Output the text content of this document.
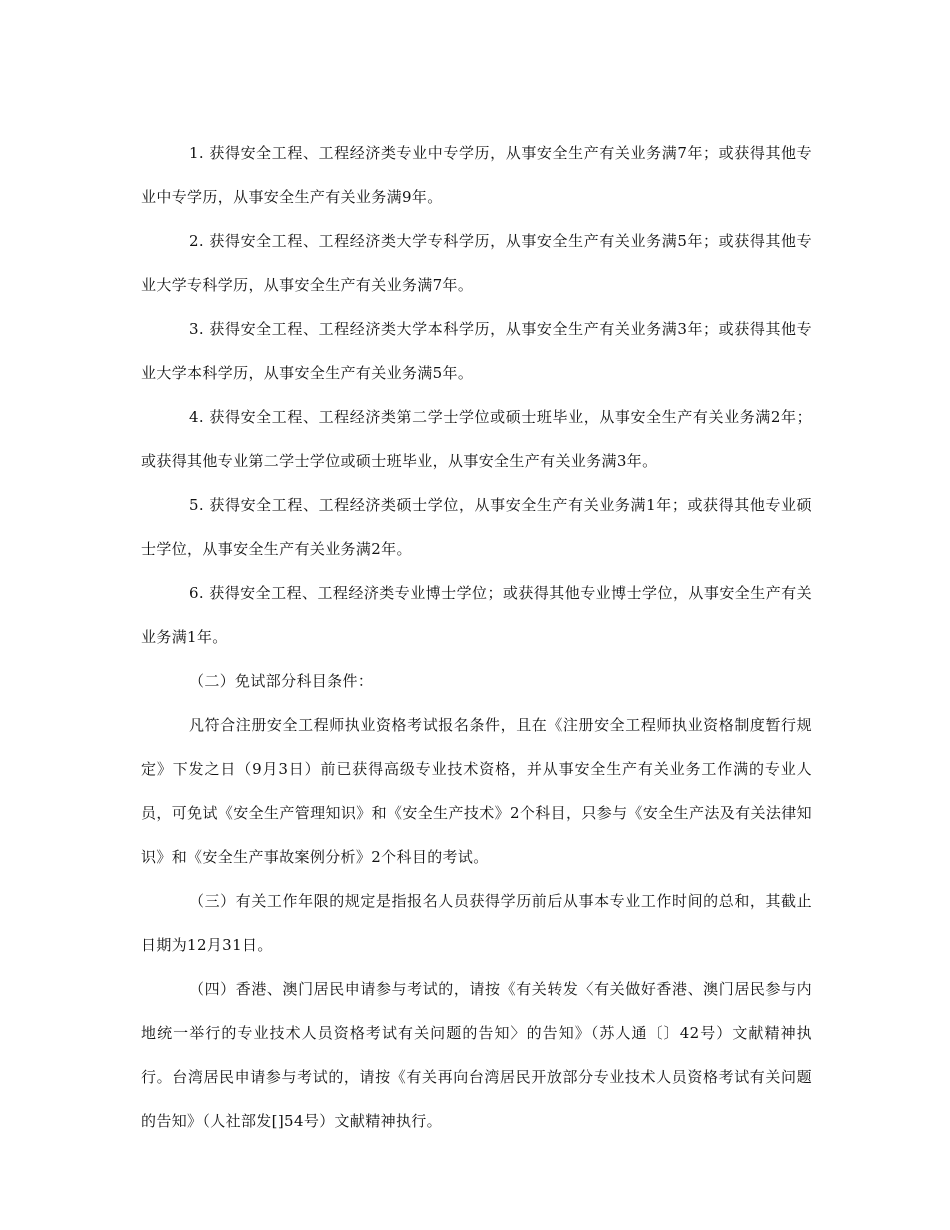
1. 获得安全工程、工程经济类专业中专学历，从事安全生产有关业务满7年；或获得其他专业中专学历，从事安全生产有关业务满9年。

2. 获得安全工程、工程经济类大学专科学历，从事安全生产有关业务满5年；或获得其他专业大学专科学历，从事安全生产有关业务满7年。

3. 获得安全工程、工程经济类大学本科学历，从事安全生产有关业务满3年；或获得其他专业大学本科学历，从事安全生产有关业务满5年。

4. 获得安全工程、工程经济类第二学士学位或硕士班毕业，从事安全生产有关业务满2年；或获得其他专业第二学士学位或硕士班毕业，从事安全生产有关业务满3年。

5. 获得安全工程、工程经济类硕士学位，从事安全生产有关业务满1年；或获得其他专业硕士学位，从事安全生产有关业务满2年。

6. 获得安全工程、工程经济类专业博士学位；或获得其他专业博士学位，从事安全生产有关业务满1年。

（二）免试部分科目条件：

凡符合注册安全工程师执业资格考试报名条件，且在《注册安全工程师执业资格制度暂行规定》下发之日（9月3日）前已获得高级专业技术资格，并从事安全生产有关业务工作满的专业人员，可免试《安全生产管理知识》和《安全生产技术》2个科目，只参与《安全生产法及有关法律知识》和《安全生产事故案例分析》2个科目的考试。

（三）有关工作年限的规定是指报名人员获得学历前后从事本专业工作时间的总和，其截止日期为12月31日。

（四）香港、澳门居民申请参与考试的，请按《有关转发〈有关做好香港、澳门居民参与内地统一举行的专业技术人员资格考试有关问题的告知〉的告知》（苏人通〔〕42号）文献精神执行。台湾居民申请参与考试的，请按《有关再向台湾居民开放部分专业技术人员资格考试有关问题的告知》（人社部发[]54号）文献精神执行。
